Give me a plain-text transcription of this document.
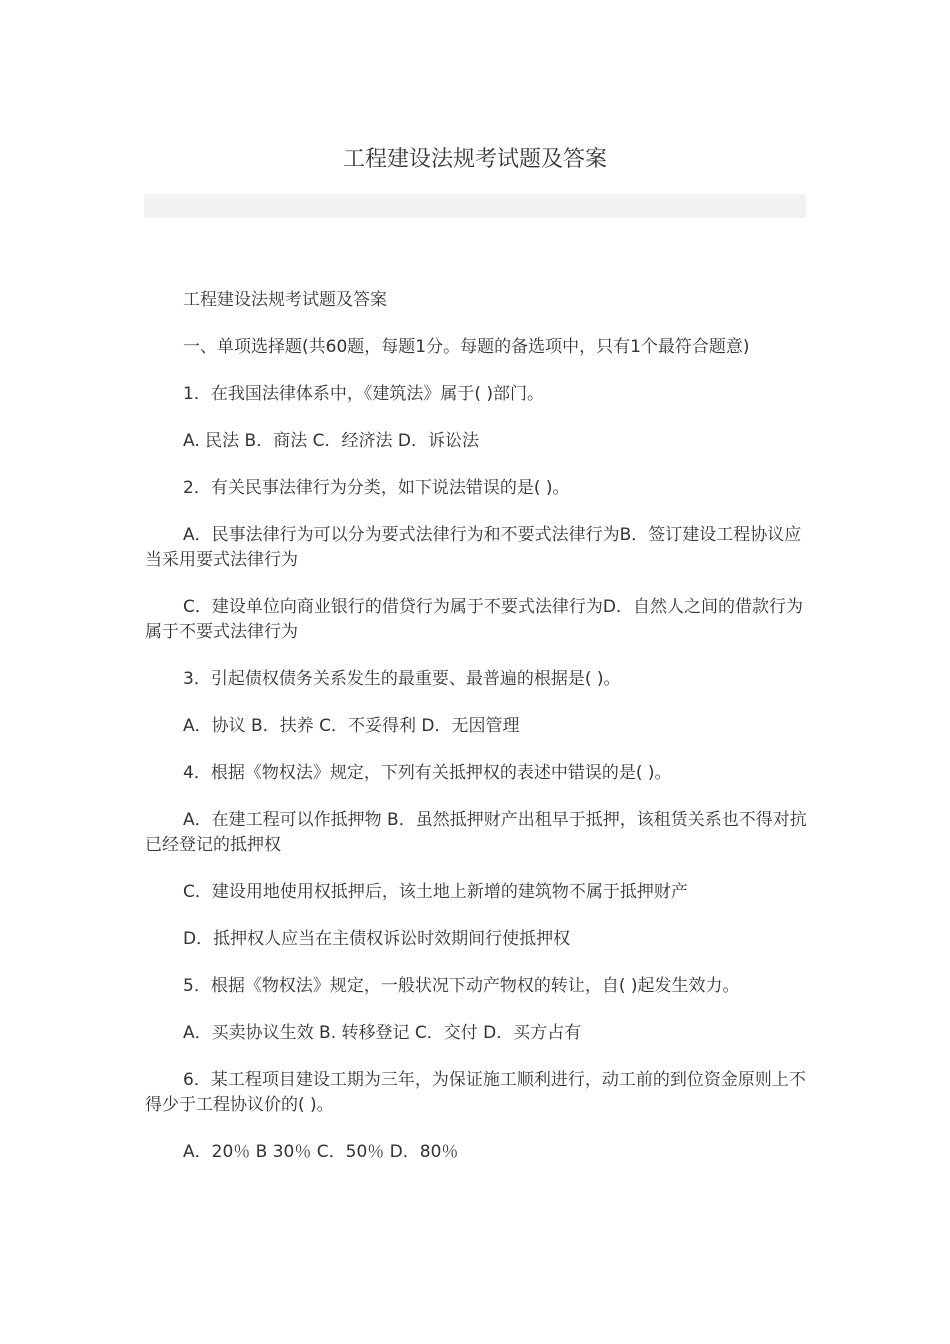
工程建设法规考试题及答案

工程建设法规考试题及答案

一、单项选择题(共60题，每题1分。每题的备选项中，只有1个最符合题意)

1．在我国法律体系中，《建筑法》属于( )部门。

A. 民法 B．商法 C．经济法 D．诉讼法

2．有关民事法律行为分类，如下说法错误的是( )。

A．民事法律行为可以分为要式法律行为和不要式法律行为B．签订建设工程协议应当采用要式法律行为

C．建设单位向商业银行的借贷行为属于不要式法律行为D．自然人之间的借款行为属于不要式法律行为

3．引起债权债务关系发生的最重要、最普遍的根据是( )。

A．协议 B．扶养 C．不妥得利 D．无因管理

4．根据《物权法》规定，下列有关抵押权的表述中错误的是( )。

A．在建工程可以作抵押物 B．虽然抵押财产出租早于抵押，该租赁关系也不得对抗已经登记的抵押权

C．建设用地使用权抵押后，该土地上新增的建筑物不属于抵押财产

D．抵押权人应当在主债权诉讼时效期间行使抵押权

5．根据《物权法》规定，一般状况下动产物权的转让，自( )起发生效力。

A．买卖协议生效 B. 转移登记 C．交付 D．买方占有

6．某工程项目建设工期为三年，为保证施工顺利进行，动工前的到位资金原则上不得少于工程协议价的( )。

A．20％ B 30％ C．50％ D．80％
